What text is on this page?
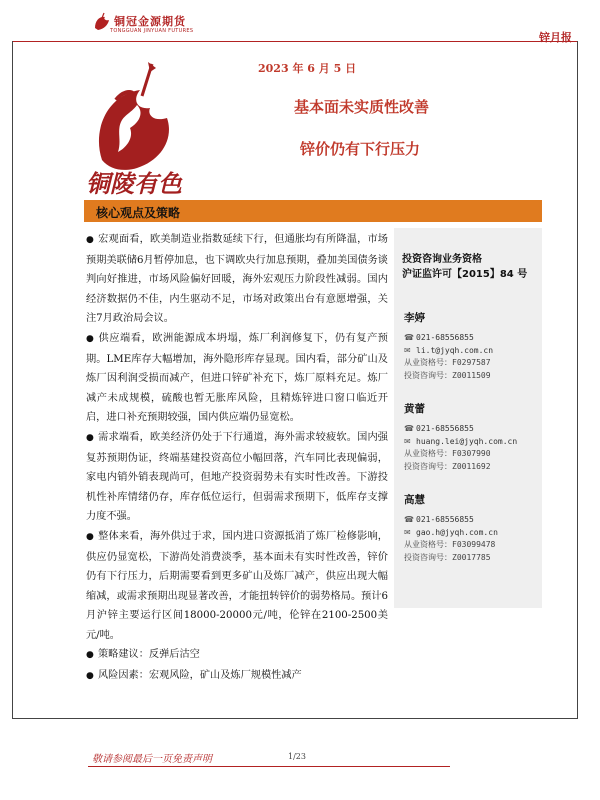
铜冠金源期货
TONGGUAN JINYUAN FUTURES	锌月报
铜陵有色
2023 年 6 月 5 日
基本面未实质性改善
锌价仍有下行压力
核心观点及策略
投资咨询业务资格
沪证监许可【2015】84 号
李婷
☎ 021-68556855
✉ li.t@jyqh.com.cn
从业资格号：F0297587
投资咨询号：Z0011509
黄蕾
☎ 021-68556855
✉ huang.lei@jyqh.com.cn
从业资格号：F0307990
投资咨询号：Z0011692
高慧
☎ 021-68556855
✉ gao.h@jyqh.com.cn
从业资格号：F03099478
投资咨询号：Z0017785

● 宏观面看，欧美制造业指数延续下行，但通胀均有所降温，市场预期美联储6月暂停加息，也下调欧央行加息预期，叠加美国债务谈判向好推进，市场风险偏好回暖，海外宏观压力阶段性减弱。国内经济数据仍不佳，内生驱动不足，市场对政策出台有意愿增强，关注7月政治局会议。

● 供应端看，欧洲能源成本坍塌，炼厂利润修复下，仍有复产预期。LME库存大幅增加，海外隐形库存显现。国内看，部分矿山及炼厂因利润受损而减产，但进口锌矿补充下，炼厂原料充足。炼厂减产未成规模，硫酸也暂无胀库风险，且精炼锌进口窗口临近开启，进口补充预期较强，国内供应端仍显宽松。

● 需求端看，欧美经济仍处于下行通道，海外需求较疲软。国内强复苏预期伪证，终端基建投资高位小幅回落，汽车同比表现偏弱，家电内销外销表现尚可，但地产投资弱势未有实时性改善。下游投机性补库情绪仍存，库存低位运行，但弱需求预期下，低库存支撑力度不强。

● 整体来看，海外供过于求，国内进口资源抵消了炼厂检修影响，供应仍显宽松，下游尚处消费淡季，基本面未有实时性改善，锌价仍有下行压力，后期需要看到更多矿山及炼厂减产，供应出现大幅缩减，或需求预期出现显著改善，才能扭转锌价的弱势格局。预计6月沪锌主要运行区间18000-20000元/吨，伦锌在2100-2500美元/吨。

● 策略建议：反弹后沽空

● 风险因素：宏观风险，矿山及炼厂规模性减产

敬请参阅最后一页免责声明	1/23
